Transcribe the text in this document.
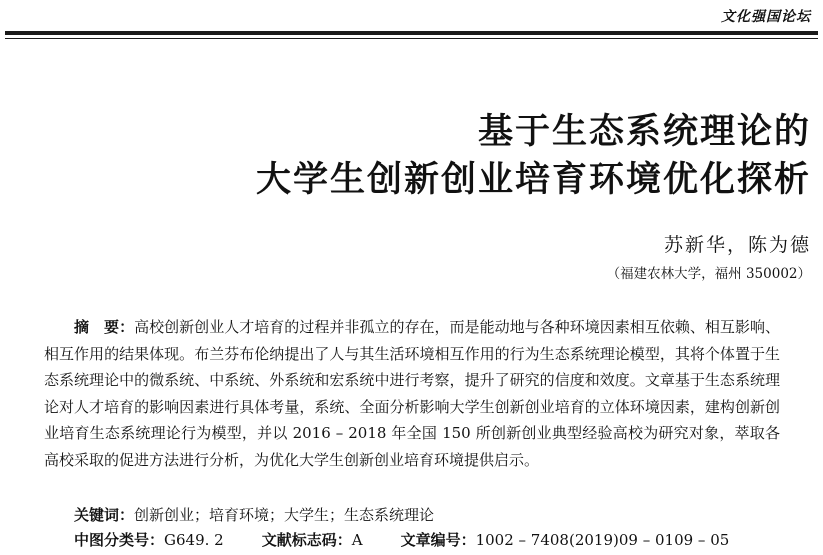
文化强国论坛
基于生态系统理论的
大学生创新创业培育环境优化探析
苏新华，陈为德
（福建农林大学，福州 350002）

摘　要：高校创新创业人才培育的过程并非孤立的存在，而是能动地与各种环境因素相互依赖、相互影响、相互作用的结果体现。布兰芬布伦纳提出了人与其生活环境相互作用的行为生态系统理论模型，其将个体置于生态系统理论中的微系统、中系统、外系统和宏系统中进行考察，提升了研究的信度和效度。文章基于生态系统理论对人才培育的影响因素进行具体考量，系统、全面分析影响大学生创新创业培育的立体环境因素，建构创新创业培育生态系统理论行为模型，并以 2016 – 2018 年全国 150 所创新创业典型经验高校为研究对象，萃取各高校采取的促进方法进行分析，为优化大学生创新创业培育环境提供启示。

关键词：创新创业；培育环境；大学生；生态系统理论
中图分类号：G649. 2	文献标志码：A	文章编号：1002 – 7408(2019)09 – 0109 – 05
